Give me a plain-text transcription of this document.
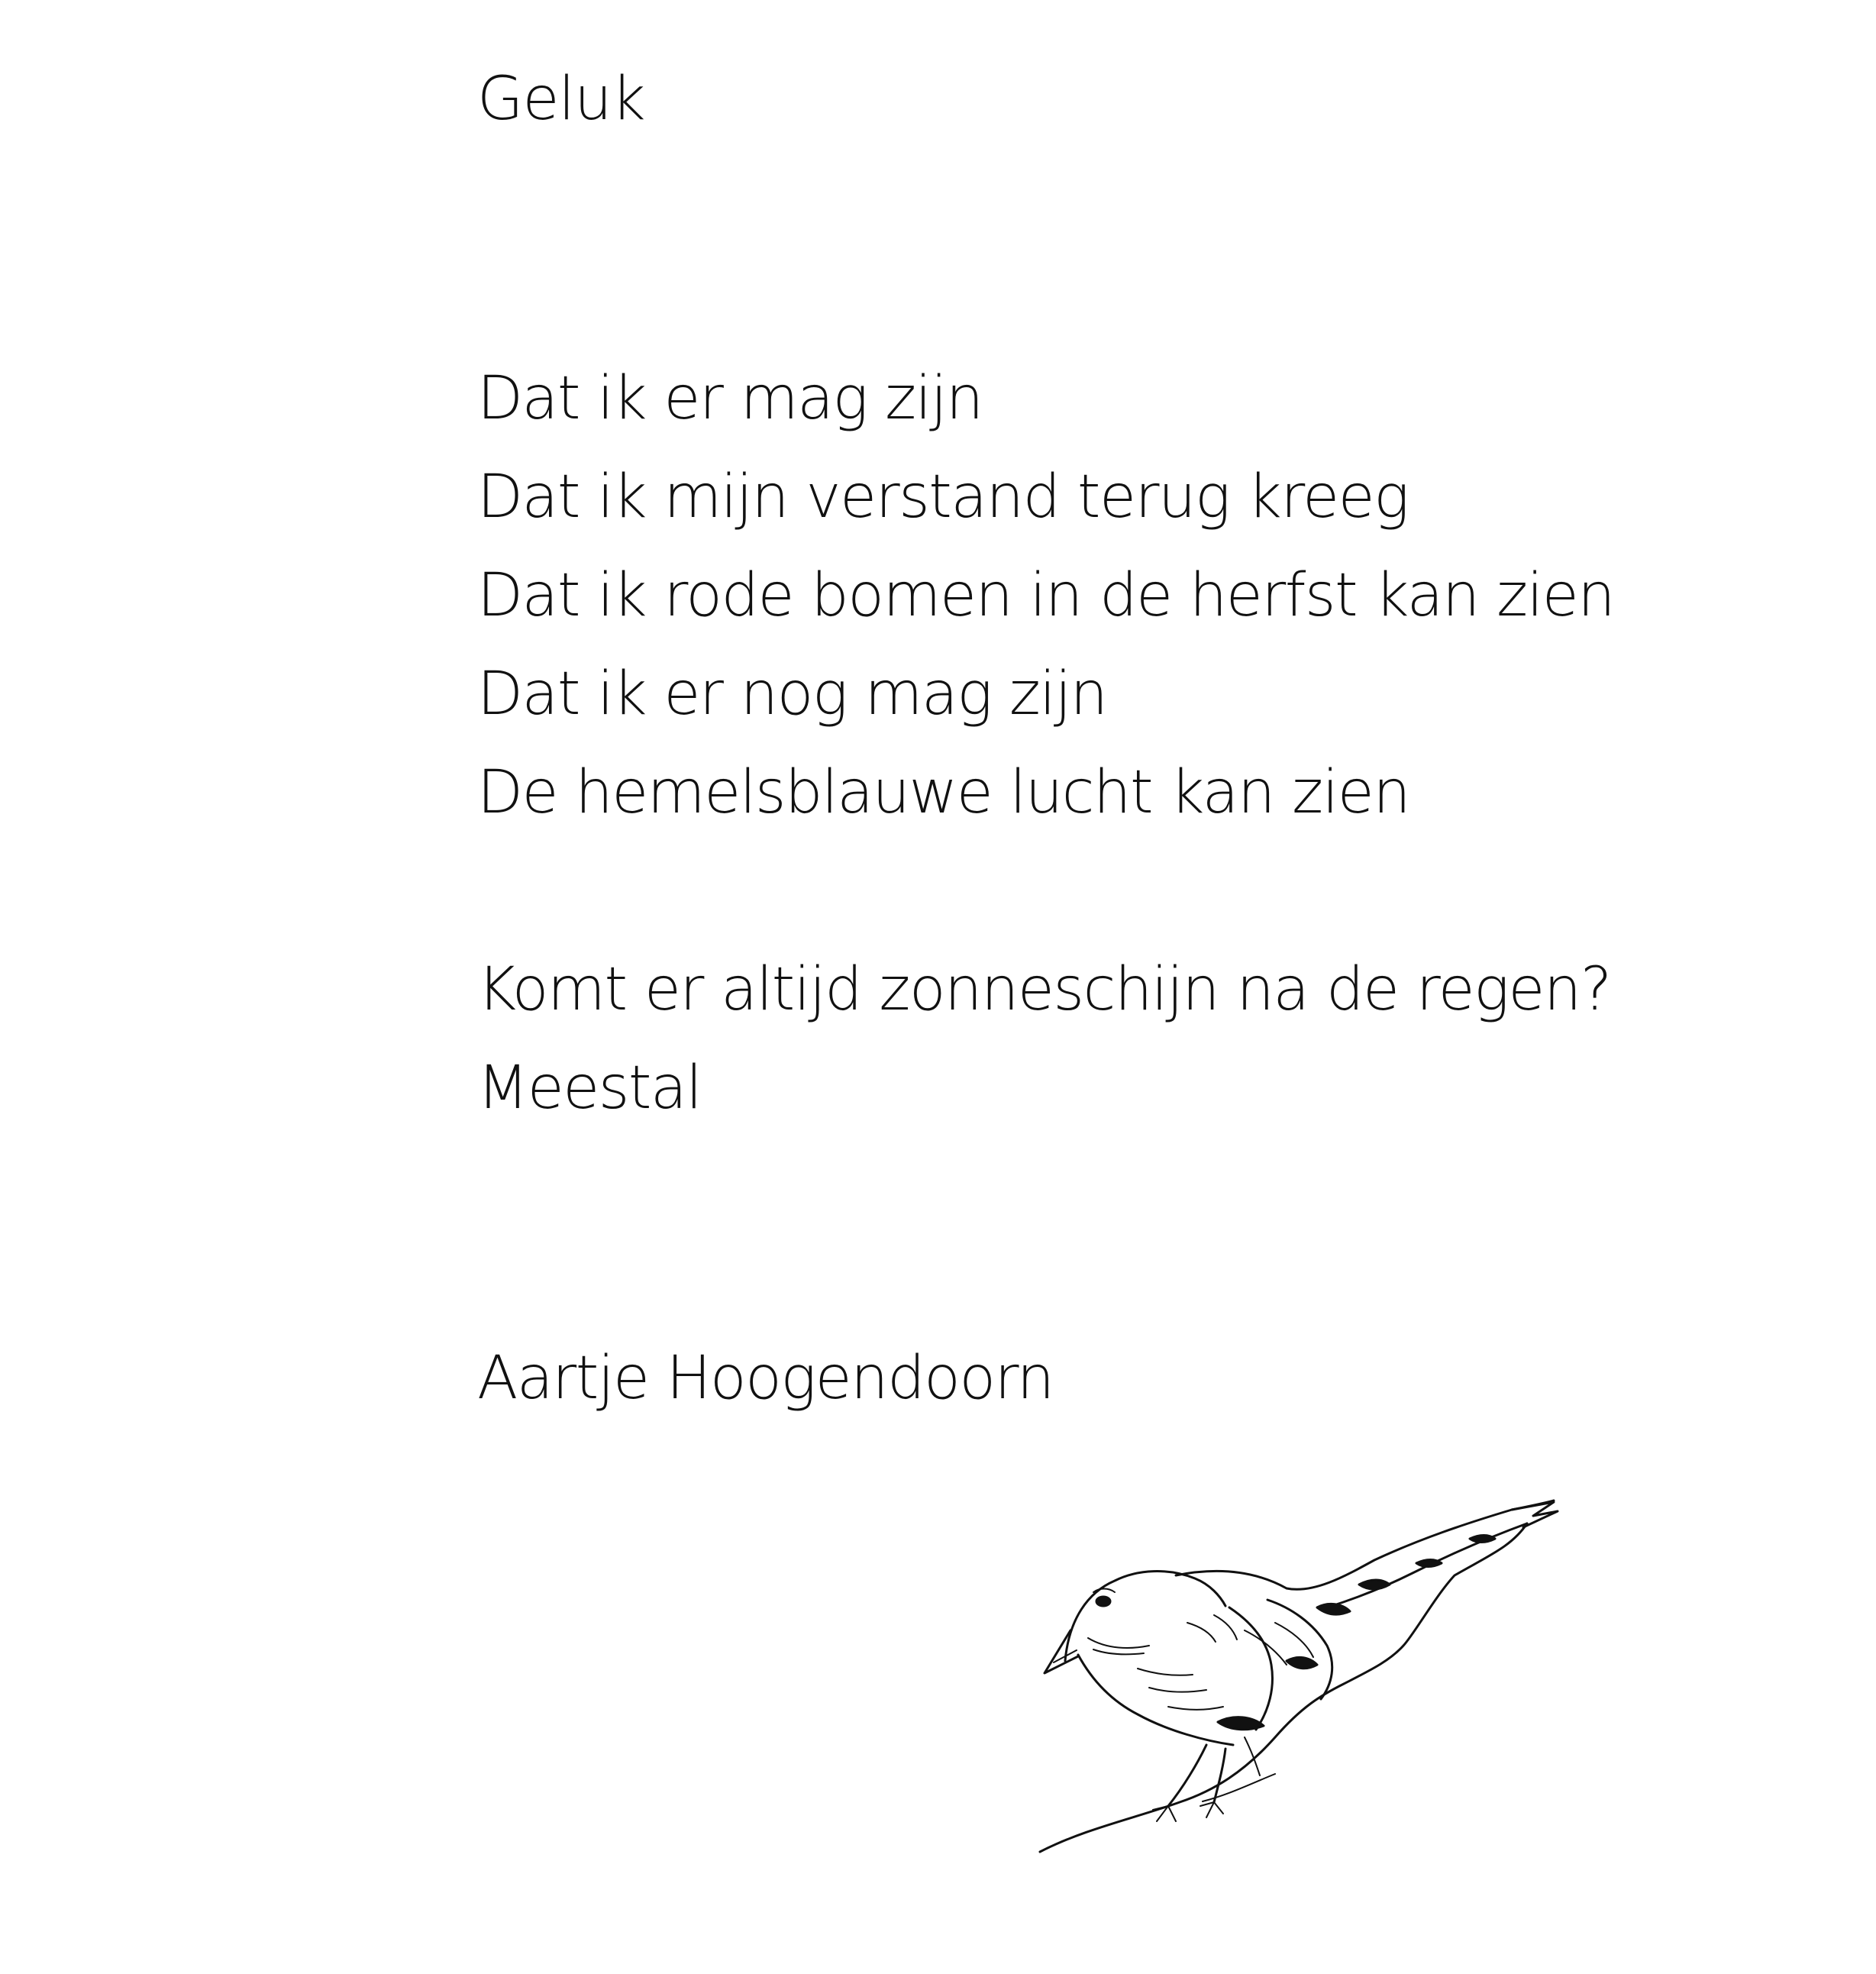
Geluk
Dat ik er mag zijn
Dat ik mijn verstand terug kreeg
Dat ik rode bomen in de herfst kan zien
Dat ik er nog mag zijn
De hemelsblauwe lucht kan zien
Komt er altijd zonneschijn na de regen?
Meestal
Aartje Hoogendoorn
